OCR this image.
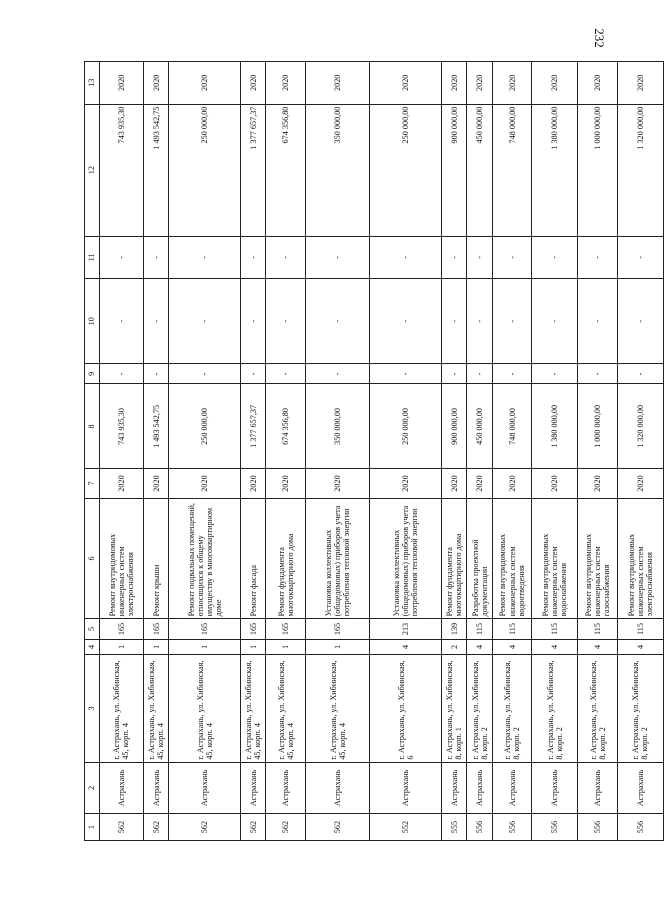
232
1	2	3	4	5	6	7	8	9	10	11	12	13
562	Астрахань	г. Астрахань, ул. Хибинская, 45, корп. 4	1	165	Ремонт внутридомовых инженерных систем электроснабжения	2020	743 935,30	-	-	-	743 935,30	2020
562	Астрахань	г. Астрахань, ул. Хибинская, 45, корп. 4	1	165	Ремонт крыши	2020	1 493 542,75	-	-	-	1 493 542,75	2020
562	Астрахань	г. Астрахань, ул. Хибинская, 45, корп. 4	1	165	Ремонт подвальных помещений, относящихся к общему имуществу в многоквартирном доме	2020	250 000,00	-	-	-	250 000,00	2020
562	Астрахань	г. Астрахань, ул. Хибинская, 45, корп. 4	1	165	Ремонт фасада	2020	1 377 657,37	-	-	-	1 377 657,37	2020
562	Астрахань	г. Астрахань, ул. Хибинская, 45, корп. 4	1	165	Ремонт фундамента многоквартирного дома	2020	674 356,80	-	-	-	674 356,80	2020
562	Астрахань	г. Астрахань, ул. Хибинская, 45, корп. 4	1	165	Установка коллективных (общедомовых) приборов учета потребления тепловой энергии	2020	350 000,00	-	-	-	350 000,00	2020
552	Астрахань	г. Астрахань, ул. Хибинская, 6	4	213	Установка коллективных (общедомовых) приборов учета потребления тепловой энергии	2020	250 000,00	-	-	-	250 000,00	2020
555	Астрахань	г. Астрахань, ул. Хибинская, 8, корп. 1	2	139	Ремонт фундамента многоквартирного дома	2020	900 000,00	-	-	-	900 000,00	2020
556	Астрахань	г. Астрахань, ул. Хибинская, 8, корп. 2	4	115	Разработка проектной документации	2020	450 000,00	-	-	-	450 000,00	2020
556	Астрахань	г. Астрахань, ул. Хибинская, 8, корп. 2	4	115	Ремонт внутридомовых инженерных систем водоотведения	2020	748 000,00	-	-	-	748 000,00	2020
556	Астрахань	г. Астрахань, ул. Хибинская, 8, корп. 2	4	115	Ремонт внутридомовых инженерных систем водоснабжения	2020	1 380 000,00	-	-	-	1 380 000,00	2020
556	Астрахань	г. Астрахань, ул. Хибинская, 8, корп. 2	4	115	Ремонт внутридомовых инженерных систем газоснабжения	2020	1 000 000,00	-	-	-	1 000 000,00	2020
556	Астрахань	г. Астрахань, ул. Хибинская, 8, корп. 2	4	115	Ремонт внутридомовых инженерных систем электроснабжения	2020	1 320 000,00	-	-	-	1 320 000,00	2020
